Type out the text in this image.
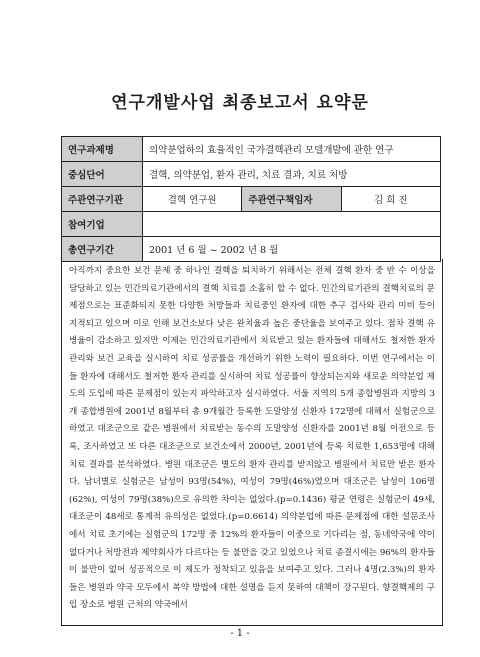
연구개발사업 최종보고서 요약문
연구과제명	의약분업하의 효율적인 국가결핵관리 모델개발에 관한 연구		
중심단어	결핵, 의약분업, 환자 관리, 치료 결과, 치료 처방		
주관연구기관	결핵 연구원	주관연구책임자	김 희 진
참여기업			
총연구기간	2001 년 6 월 ~ 2002 년 8 월		

아직까지 중요한 보건 문제 중 하나인 결핵을 퇴치하기 위해서는 전체 결핵 환자 중 반 수 이상을 담당하고 있는 민간의료기관에서의 결핵 치료를 소홀히 할 수 없다. 민간의료기관의 결핵치료의 문제점으로는 표준화되지 못한 다양한 처방들과 치료중인 환자에 대한 추구 검사와 관리 미비 등이 지적되고 있으며 이로 인해 보건소보다 낮은 완치율과 높은 중단율을 보여주고 있다. 점차 결핵 유병율이 감소하고 있지만 이제는 민간의료기관에서 치료받고 있는 환자들에 대해서도 철저한 환자 관리와 보건 교육을 실시하여 치료 성공률을 개선하기 위한 노력이 필요하다. 이번 연구에서는 이들 환자에 대해서도 철저한 환자 관리를 실시하여 치료 성공률이 향상되는지와 새로운 의약분업 제도의 도입에 따른 문제점이 있는지 파악하고자 실시하였다. 서울 지역의 5개 종합병원과 지방의 3개 종합병원에 2001년 8월부터 총 9개월간 등록한 도말양성 신환자 172명에 대해서 실험군으로 하였고 대조군으로 같은 병원에서 치료받는 동수의 도말양성 신환자를 2001년 8월 이전으로 등록, 조사하였고 또 다른 대조군으로 보건소에서 2000년, 2001년에 등록 치료한 1,653명에 대해 치료 결과를 분석하였다. 병원 대조군은 별도의 환자 관리를 받지않고 병원에서 치료만 받은 환자다. 남녀별로 실험군은 남성이 93명(54%), 여성이 79명(46%)였으며 대조군은 남성이 106명(62%), 여성이 79명(38%)으로 유의한 차이는 없었다.(p=0.1436) 평균 연령은 실험군이 49세, 대조군이 48세로 통계적 유의성은 없었다.(p=0.6614) 의약분업에 따른 문제점에 대한 설문조사에서 치료 초기에는 실험군의 172명 중 12%의 환자들이 이중으로 기다리는 점, 동네약국에 약이 없다거나 처방전과 제약회사가 다르다는 등 불만을 갖고 있었으나 치료 종결시에는 96%의 환자들이 불만이 없어 성공적으로 이 제도가 정착되고 있음을 보여주고 있다. 그러나 4명(2.3%)의 환자들은 병원과 약국 모두에서 복약 방법에 대한 설명을 듣지 못하여 대책이 강구된다. 향결핵제의 구입 장소로 병원 근처의 약국에서

- 1 -
